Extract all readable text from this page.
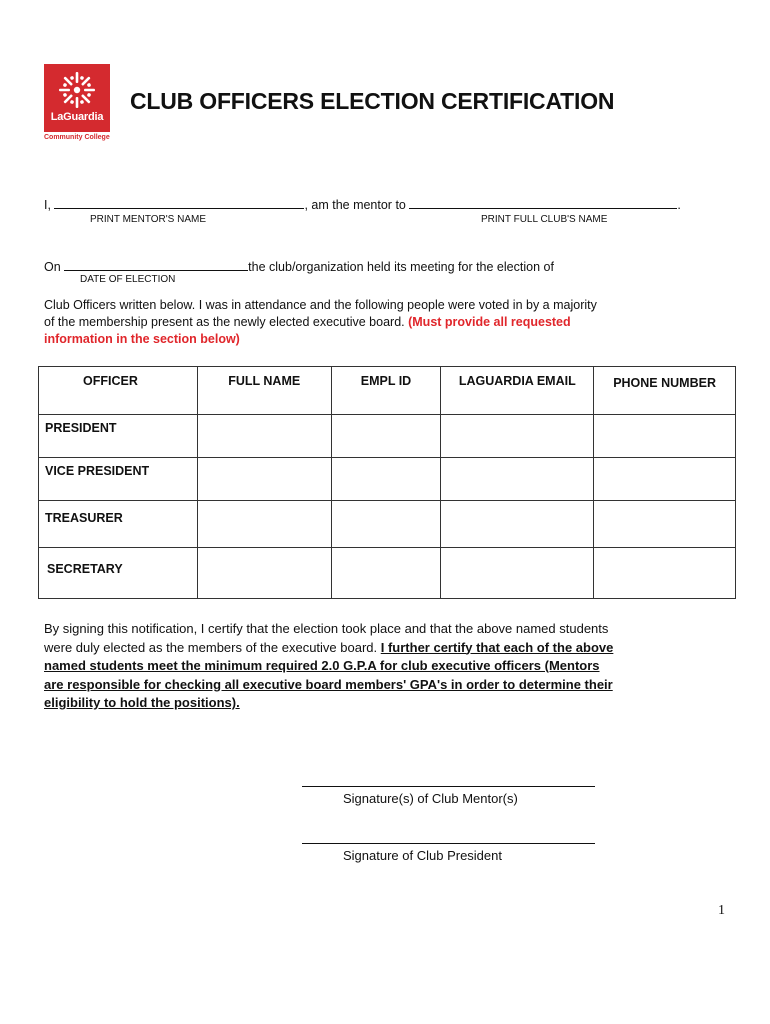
LaGuardia
Community College
CLUB OFFICERS ELECTION CERTIFICATION
I,	, am the mentor to	.
PRINT MENTOR'S NAME	PRINT FULL CLUB'S NAME
On	the club/organization held its meeting for the election of
DATE OF ELECTION
Club Officers written below. I was in attendance and the following people were voted in by a majority
of the membership present as the newly elected executive board. (Must provide all requested
information in the section below)
OFFICER	FULL NAME	EMPL ID	LAGUARDIA EMAIL	PHONE NUMBER
PRESIDENT				
VICE PRESIDENT				
TREASURER				
SECRETARY				
By signing this notification, I certify that the election took place and that the above named students
were duly elected as the members of the executive board. I further certify that each of the above
named students meet the minimum required 2.0 G.P.A for club executive officers (Mentors
are responsible for checking all executive board members' GPA's in order to determine their
eligibility to hold the positions).
Signature(s) of Club Mentor(s)
Signature of Club President
1
